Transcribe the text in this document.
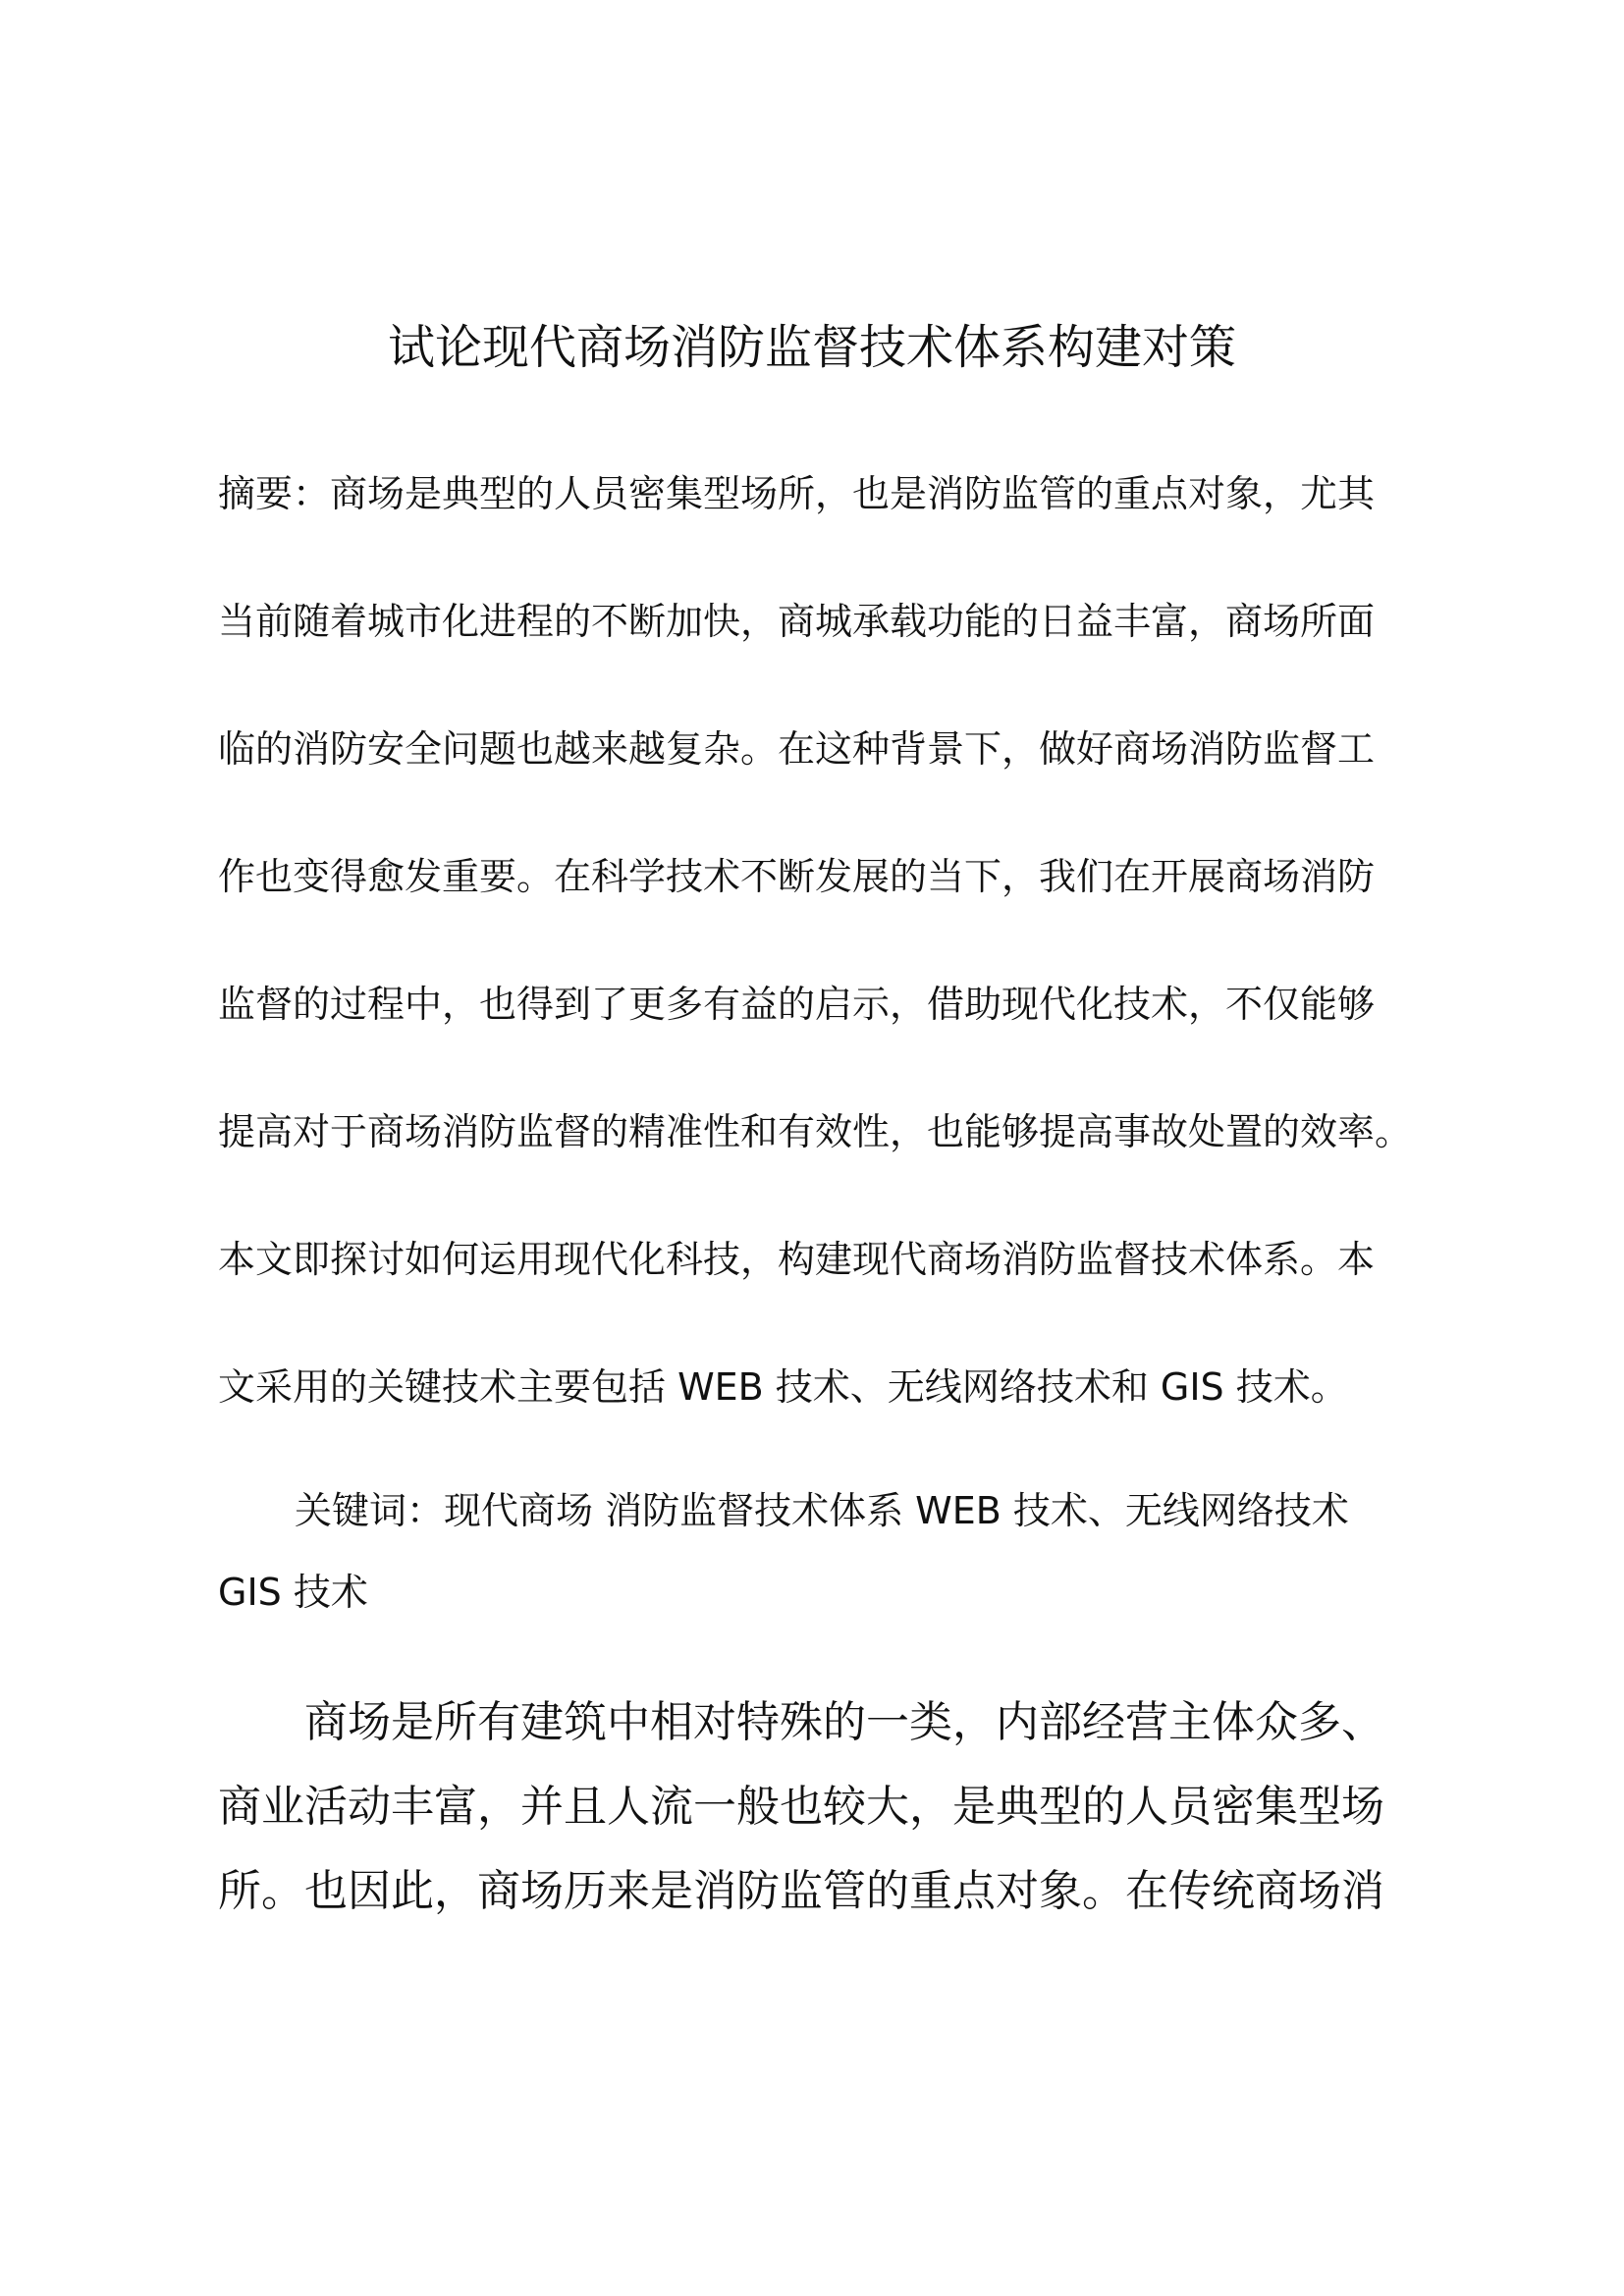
试论现代商场消防监督技术体系构建对策
摘要：商场是典型的人员密集型场所，也是消防监管的重点对象，尤其
当前随着城市化进程的不断加快，商城承载功能的日益丰富，商场所面
临的消防安全问题也越来越复杂。在这种背景下，做好商场消防监督工
作也变得愈发重要。在科学技术不断发展的当下，我们在开展商场消防
监督的过程中，也得到了更多有益的启示，借助现代化技术，不仅能够
提高对于商场消防监督的精准性和有效性，也能够提高事故处置的效率。
本文即探讨如何运用现代化科技，构建现代商场消防监督技术体系。本
文采用的关键技术主要包括 WEB 技术、无线网络技术和 GIS 技术。
关键词：现代商场 消防监督技术体系 WEB 技术、无线网络技术
GIS 技术
商场是所有建筑中相对特殊的一类，内部经营主体众多、
商业活动丰富，并且人流一般也较大，是典型的人员密集型场
所。也因此，商场历来是消防监管的重点对象。在传统商场消
